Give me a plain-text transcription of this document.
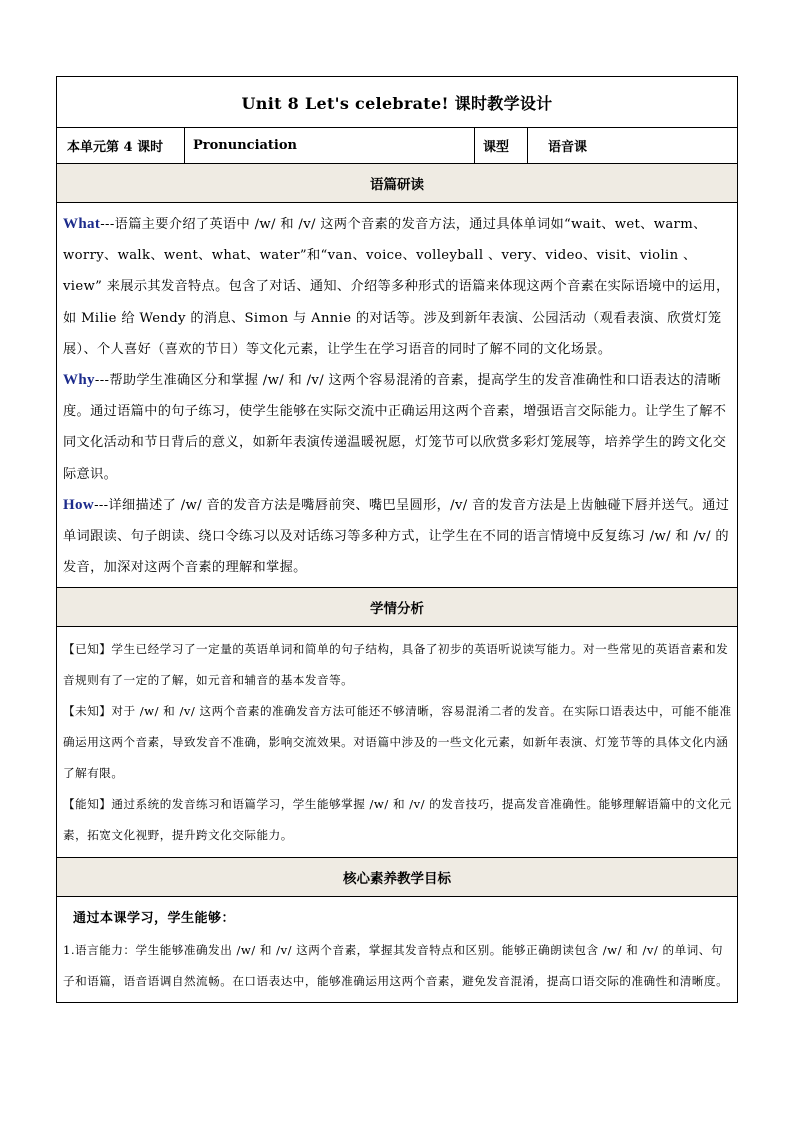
Unit 8 Let's celebrate! 课时教学设计
本单元第 4 课时	Pronunciation	课型	语音课
语篇研读

What---语篇主要介绍了英语中 /w/ 和 /v/ 这两个音素的发音方法，通过具体单词如“wait、wet、warm、worry、walk、went、what、water”和“van、voice、volleyball 、very、video、visit、violin 、view” 来展示其发音特点。包含了对话、通知、介绍等多种形式的语篇来体现这两个音素在实际语境中的运用，如 Milie 给 Wendy 的消息、Simon 与 Annie 的对话等。涉及到新年表演、公园活动（观看表演、欣赏灯笼展）、个人喜好（喜欢的节日）等文化元素，让学生在学习语音的同时了解不同的文化场景。

Why---帮助学生准确区分和掌握 /w/ 和 /v/ 这两个容易混淆的音素，提高学生的发音准确性和口语表达的清晰度。通过语篇中的句子练习，使学生能够在实际交流中正确运用这两个音素，增强语言交际能力。让学生了解不同文化活动和节日背后的意义，如新年表演传递温暖祝愿，灯笼节可以欣赏多彩灯笼展等，培养学生的跨文化交际意识。

How---详细描述了 /w/ 音的发音方法是嘴唇前突、嘴巴呈圆形，/v/ 音的发音方法是上齿触碰下唇并送气。通过单词跟读、句子朗读、绕口令练习以及对话练习等多种方式，让学生在不同的语言情境中反复练习 /w/ 和 /v/ 的发音，加深对这两个音素的理解和掌握。

学情分析

【已知】学生已经学习了一定量的英语单词和简单的句子结构，具备了初步的英语听说读写能力。对一些常见的英语音素和发音规则有了一定的了解，如元音和辅音的基本发音等。

【未知】对于 /w/ 和 /v/ 这两个音素的准确发音方法可能还不够清晰，容易混淆二者的发音。在实际口语表达中，可能不能准确运用这两个音素，导致发音不准确，影响交流效果。对语篇中涉及的一些文化元素，如新年表演、灯笼节等的具体文化内涵了解有限。

【能知】通过系统的发音练习和语篇学习，学生能够掌握 /w/ 和 /v/ 的发音技巧，提高发音准确性。能够理解语篇中的文化元素，拓宽文化视野，提升跨文化交际能力。

核心素养教学目标

通过本课学习，学生能够：

1.语言能力：学生能够准确发出 /w/ 和 /v/ 这两个音素，掌握其发音特点和区别。能够正确朗读包含 /w/ 和 /v/ 的单词、句子和语篇，语音语调自然流畅。在口语表达中，能够准确运用这两个音素，避免发音混淆，提高口语交际的准确性和清晰度。
